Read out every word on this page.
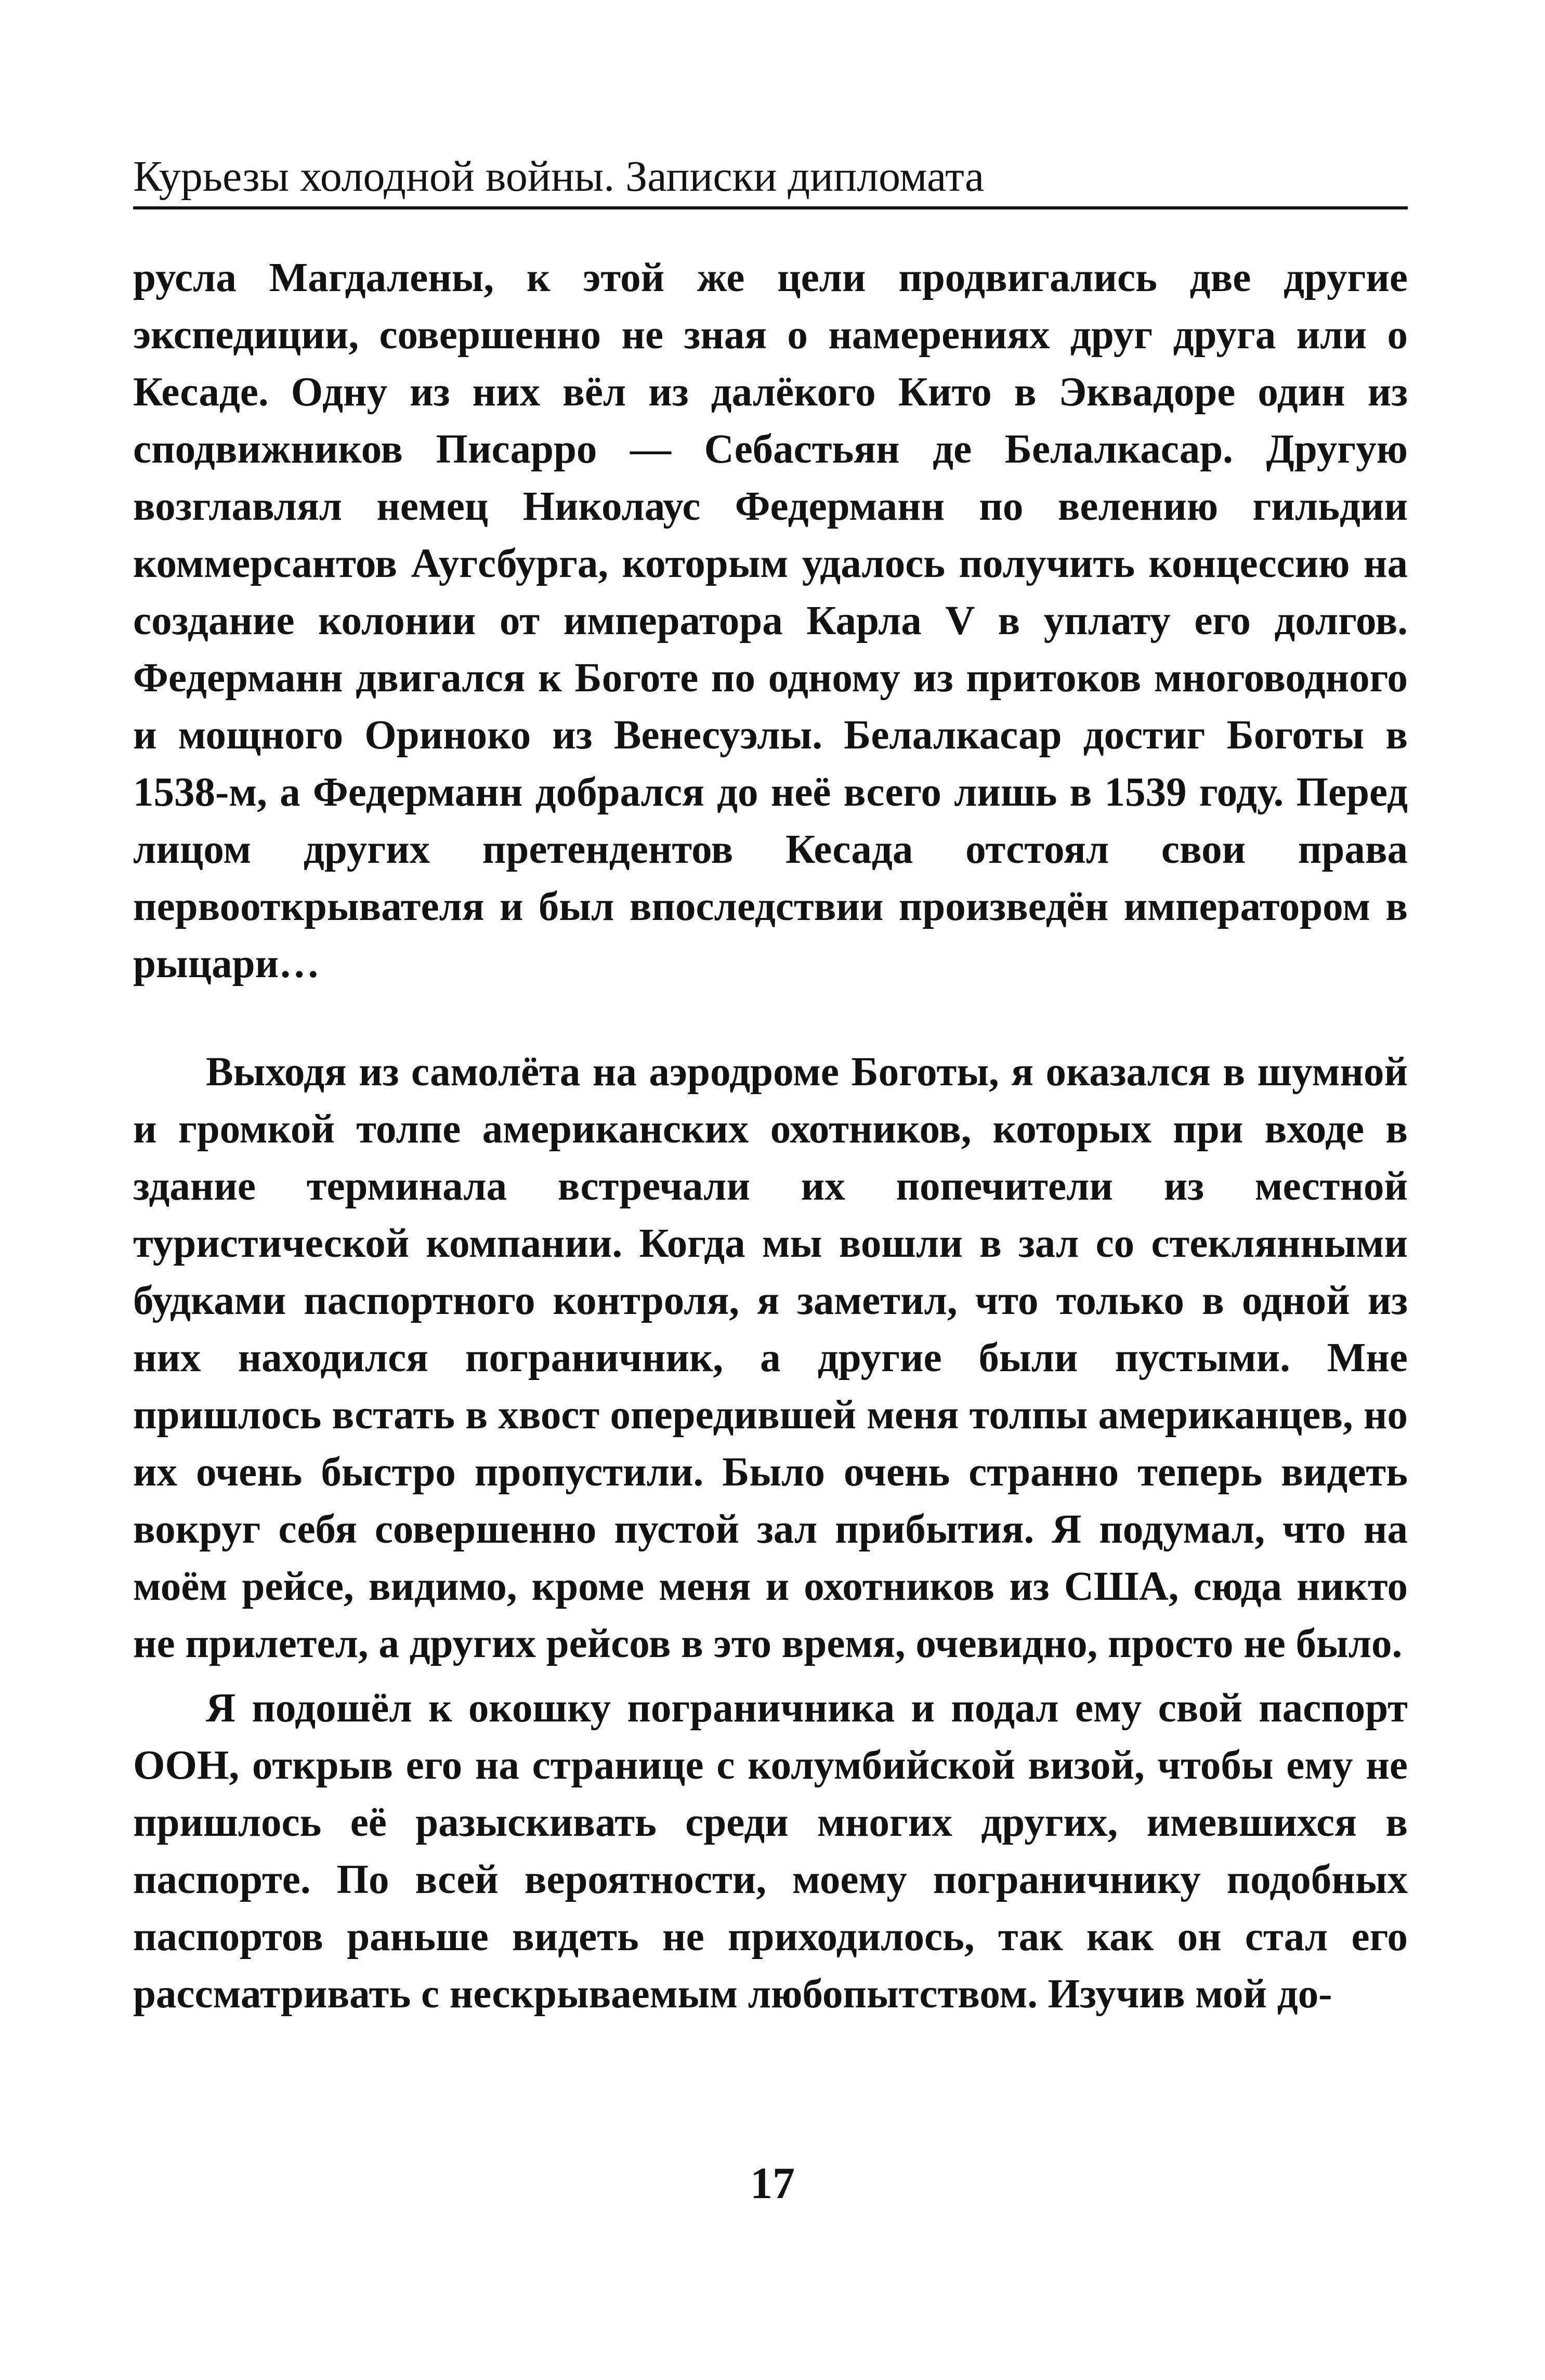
Курьезы холодной войны. Записки дипломата

русла Магдалены, к этой же цели продвигались две другие экспедиции, совершенно не зная о намерениях друг друга или о Кесаде. Одну из них вёл из далёкого Кито в Эквадоре один из сподвижников Писарро — Себастьян де Белалкасар. Другую возглавлял немец Николаус Федерманн по велению гильдии коммерсантов Аугсбурга, которым удалось получить концессию на создание колонии от императора Карла V в уплату его долгов. Федерманн двигался к Боготе по одному из притоков многоводного и мощного Ориноко из Венесуэлы. Белалкасар достиг Боготы в 1538-м, а Федерманн добрался до неё всего лишь в 1539 году. Перед лицом других претендентов Кесада отстоял свои права первооткрывателя и был впоследствии произведён императором в рыцари…

Выходя из самолёта на аэродроме Боготы, я оказался в шумной и громкой толпе американских охотников, которых при входе в здание терминала встречали их попечители из местной туристической компании. Когда мы вошли в зал со стеклянными будками паспортного контроля, я заметил, что только в одной из них находился пограничник, а другие были пустыми. Мне пришлось встать в хвост опередившей меня толпы американцев, но их очень быстро пропустили. Было очень странно теперь видеть вокруг себя совершенно пустой зал прибытия. Я подумал, что на моём рейсе, видимо, кроме меня и охотников из США, сюда никто не прилетел, а других рейсов в это время, очевидно, просто не было.

Я подошёл к окошку пограничника и подал ему свой паспорт ООН, открыв его на странице с колумбийской визой, чтобы ему не пришлось её разыскивать среди многих других, имевшихся в паспорте. По всей вероятности, моему пограничнику подобных паспортов раньше видеть не приходилось, так как он стал его рассматривать с нескрываемым любопытством. Изучив мой до-

17
